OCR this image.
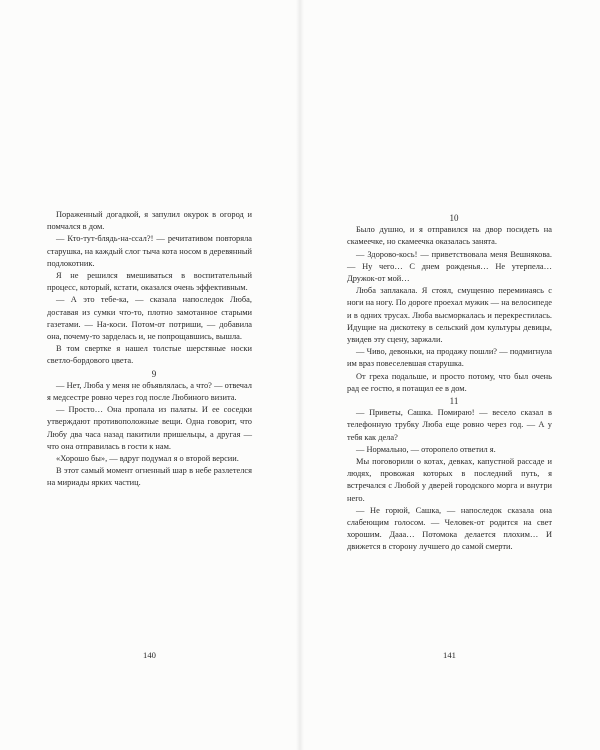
Пораженный догадкой, я запулил окурок в огород и помчался в дом.

— Кто-тут-блядь-на-ссал?! — речитативом повторяла старушка, на каждый слог тыча кота носом в деревянный подлокотник.

Я не решился вмешиваться в воспитательный процесс, который, кстати, оказался очень эффективным.

— А это тебе-ка, — сказала напоследок Люба, доставая из сумки что-то, плотно замотанное старыми газетами. — На-коси. Потом-от потриши, — добавила она, почему-то зарделась и, не попрощавшись, вышла.

В том свертке я нашел толстые шерстяные носки светло-бордового цвета.

9

— Нет, Люба у меня не объявлялась, а что? — отвечал я медсестре ровно через год после Любиного визита.

— Просто… Она пропала из палаты. И ее соседки утверждают противоположные вещи. Одна говорит, что Любу два часа назад пакитили пришельцы, а другая — что она отправилась в гости к нам.

«Хорошо бы», — вдруг подумал я о второй версии.

В этот самый момент огненный шар в небе разлетелся на мириады ярких частиц.

140

10

Было душно, и я отправился на двор посидеть на скамеечке, но скамеечка оказалась занята.

— Здорово-кось! — приветствовала меня Вешнякова. — Ну чего… С днем рожденья… Не утерпела… Дружок-от мой…

Люба заплакала. Я стоял, смущенно переминаясь с ноги на ногу. По дороге проехал мужик — на велосипеде и в одних трусах. Люба высморкалась и перекрестилась. Идущие на дискотеку в сельский дом культуры девицы, увидев эту сцену, заржали.

— Чиво, девоньки, на продажу пошли? — подмигнула им враз повеселевшая старушка.

От греха подальше, и просто потому, что был очень рад ее гостю, я потащил ее в дом.

11

— Приветы, Сашка. Помираю! — весело сказал в телефонную трубку Люба еще ровно через год. — А у тебя как дела?

— Нормально, — оторопело ответил я.

Мы поговорили о котах, девках, капустной рассаде и людях, провожая которых в последний путь, я встречался с Любой у дверей городского морга и внутри него.

— Не горюй, Сашка, — напоследок сказала она слабеющим голосом. — Человек-от родится на свет хорошим. Дааа… Потомока делается плохим… И движется в сторону лучшего до самой смерти.

141
